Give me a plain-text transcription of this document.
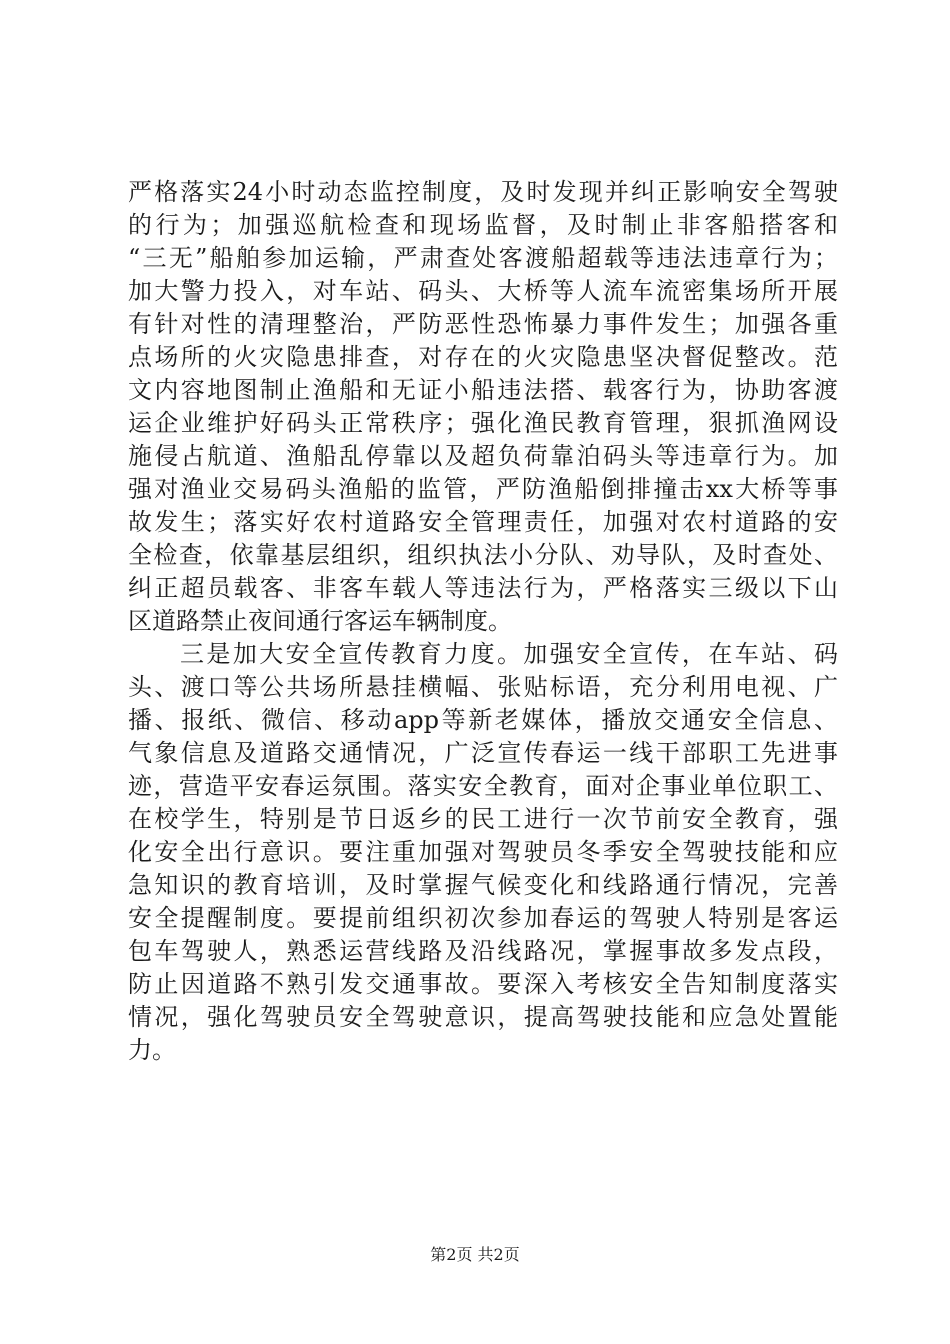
严格落实24小时动态监控制度，及时发现并纠正影响安全驾驶
的行为；加强巡航检查和现场监督，及时制止非客船搭客和
“三无”船舶参加运输，严肃查处客渡船超载等违法违章行为；
加大警力投入，对车站、码头、大桥等人流车流密集场所开展
有针对性的清理整治，严防恶性恐怖暴力事件发生；加强各重
点场所的火灾隐患排查，对存在的火灾隐患坚决督促整改。范
文内容地图制止渔船和无证小船违法搭、载客行为，协助客渡
运企业维护好码头正常秩序；强化渔民教育管理，狠抓渔网设
施侵占航道、渔船乱停靠以及超负荷靠泊码头等违章行为。加
强对渔业交易码头渔船的监管，严防渔船倒排撞击xx大桥等事
故发生；落实好农村道路安全管理责任，加强对农村道路的安
全检查，依靠基层组织，组织执法小分队、劝导队，及时查处、
纠正超员载客、非客车载人等违法行为，严格落实三级以下山
区道路禁止夜间通行客运车辆制度。
三是加大安全宣传教育力度。加强安全宣传，在车站、码
头、渡口等公共场所悬挂横幅、张贴标语，充分利用电视、广
播、报纸、微信、移动app等新老媒体，播放交通安全信息、
气象信息及道路交通情况，广泛宣传春运一线干部职工先进事
迹，营造平安春运氛围。落实安全教育，面对企事业单位职工、
在校学生，特别是节日返乡的民工进行一次节前安全教育，强
化安全出行意识。要注重加强对驾驶员冬季安全驾驶技能和应
急知识的教育培训，及时掌握气候变化和线路通行情况，完善
安全提醒制度。要提前组织初次参加春运的驾驶人特别是客运
包车驾驶人，熟悉运营线路及沿线路况，掌握事故多发点段，
防止因道路不熟引发交通事故。要深入考核安全告知制度落实
情况，强化驾驶员安全驾驶意识，提高驾驶技能和应急处置能
力。
第2页 共2页
